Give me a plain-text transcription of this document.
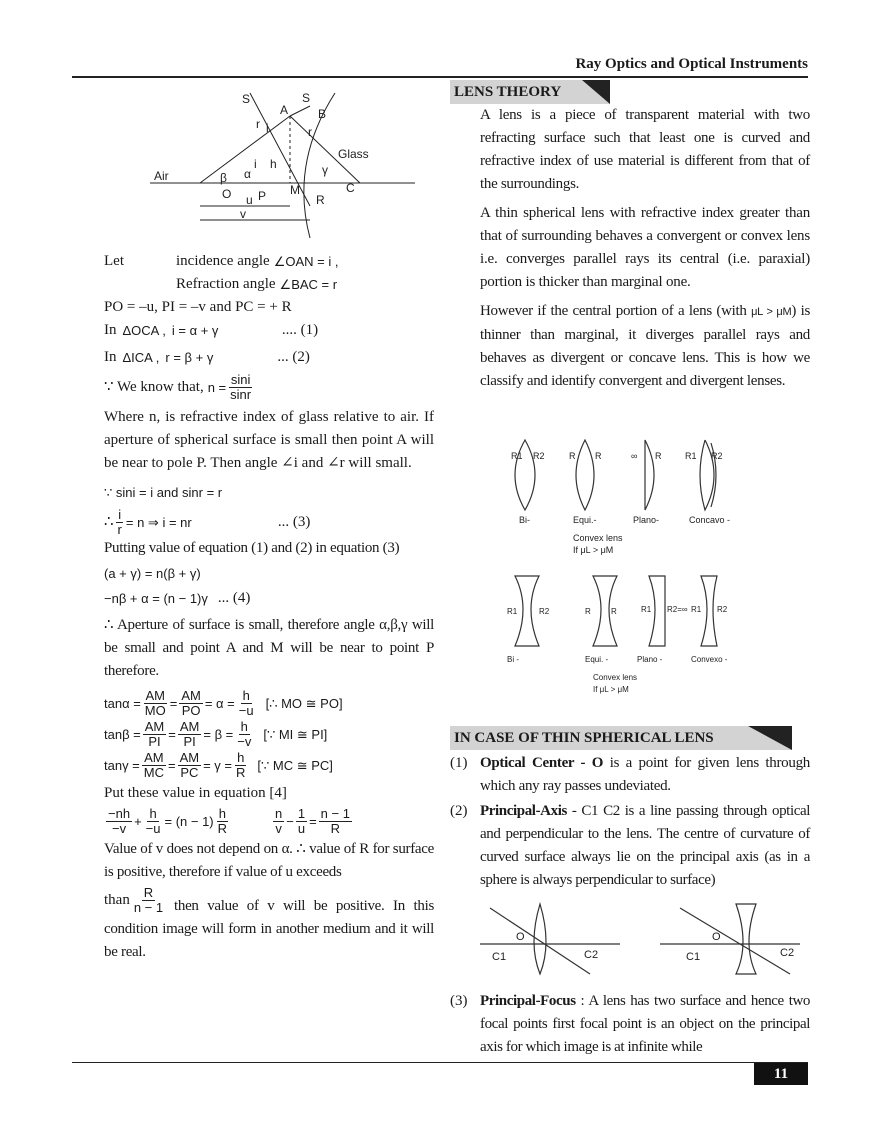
Ray Optics and Optical Instruments
S	S
A B
r i	r
Glass
h
α	γ
β
i
Air
O P M	C
R
u
v
Let	incidence angle ∠OAN = i ,
Refraction angle ∠BAC = r
PO = –u, PI = –v and PC = + R
In ΔOCA , i = α + γ	.... (1)
In ΔICA , r = β + γ	... (2)
∵ We know that, $n = \frac{\sin i}{\sin r}$
Where n, is refractive index of glass relative to air. If aperture of spherical surface is small then point A will be near to pole P. Then angle ∠i and ∠r will small.
∵ sini = i and sinr = r
∴ $\frac{i}{r} = n$ ⇒ i = nr	... (3)
Putting value of equation (1) and (2) in equation (3)
(a + γ) = n(β + γ)
−nβ + α = (n − 1)γ ... (4)
∴ Aperture of surface is small, therefore angle α,β,γ will be small and point A and M will be near to point P therefore.
$\tan\alpha = \frac{AM}{MO} = \frac{AM}{PO} = \alpha = \frac{h}{-u}$ [∴ MO ≅ PO]
$\tan\beta = \frac{AM}{PI} = \frac{AM}{PI} = \beta = \frac{h}{-v}$ [∵ MI ≅ PI]
$\tan\gamma = \frac{AM}{MC} = \frac{AM}{PC} = \gamma = \frac{h}{R}$ [∵ MC ≅ PC]
Put these value in equation [4]
$\frac{-nh}{-v} + \frac{h}{-u} = (n - 1) \frac{h}{R}$	$\frac{n}{v} - \frac{1}{u} = \frac{n - 1}{R}$
Value of v does not depend on α. ∴ value of R for surface is positive, therefore if value of u exceeds
than $\frac{R}{n - 1}$ then value of v will be positive. In this condition image will form in another medium and it will be real.
LENS THEORY
A lens is a piece of transparent material with two refracting surface such that least one is curved and refractive index of use material is different from that of the surroundings.
A thin spherical lens with refractive index greater than that of surrounding behaves a convergent or convex lens i.e. converges parallel rays its central (i.e. paraxial) portion is thicker than marginal one.
However if the central portion of a lens (with μL > μM) is thinner than marginal, it diverges parallel rays and behaves as divergent or concave lens. This is how we classify and identify convergent and divergent lenses.
R1 R2	R R	∞ R	R1 R2
Bi-	Equi.-	Plano-	Concavo -
Convex lens
If μL > μM
R1	R2	R	R	R1 R2=∞ R1 R2
Bi -	Equi. -	Plano -	Convexo -
Convex lens
If μL > μM
IN CASE OF THIN SPHERICAL LENS
(1) Optical Center - O is a point for given lens through which any ray passes undeviated.
(2) Principal-Axis - C1 C2 is a line passing through optical and perpendicular to the lens. The centre of curvature of curved surface always lie on the principal axis (as in a sphere is always perpendicular to surface)
O
C1	C2
O
C1	C2
(3) Principal-Focus : A lens has two surface and hence two focal points first focal point is an object on the principal axis for which image is at infinite while
11
